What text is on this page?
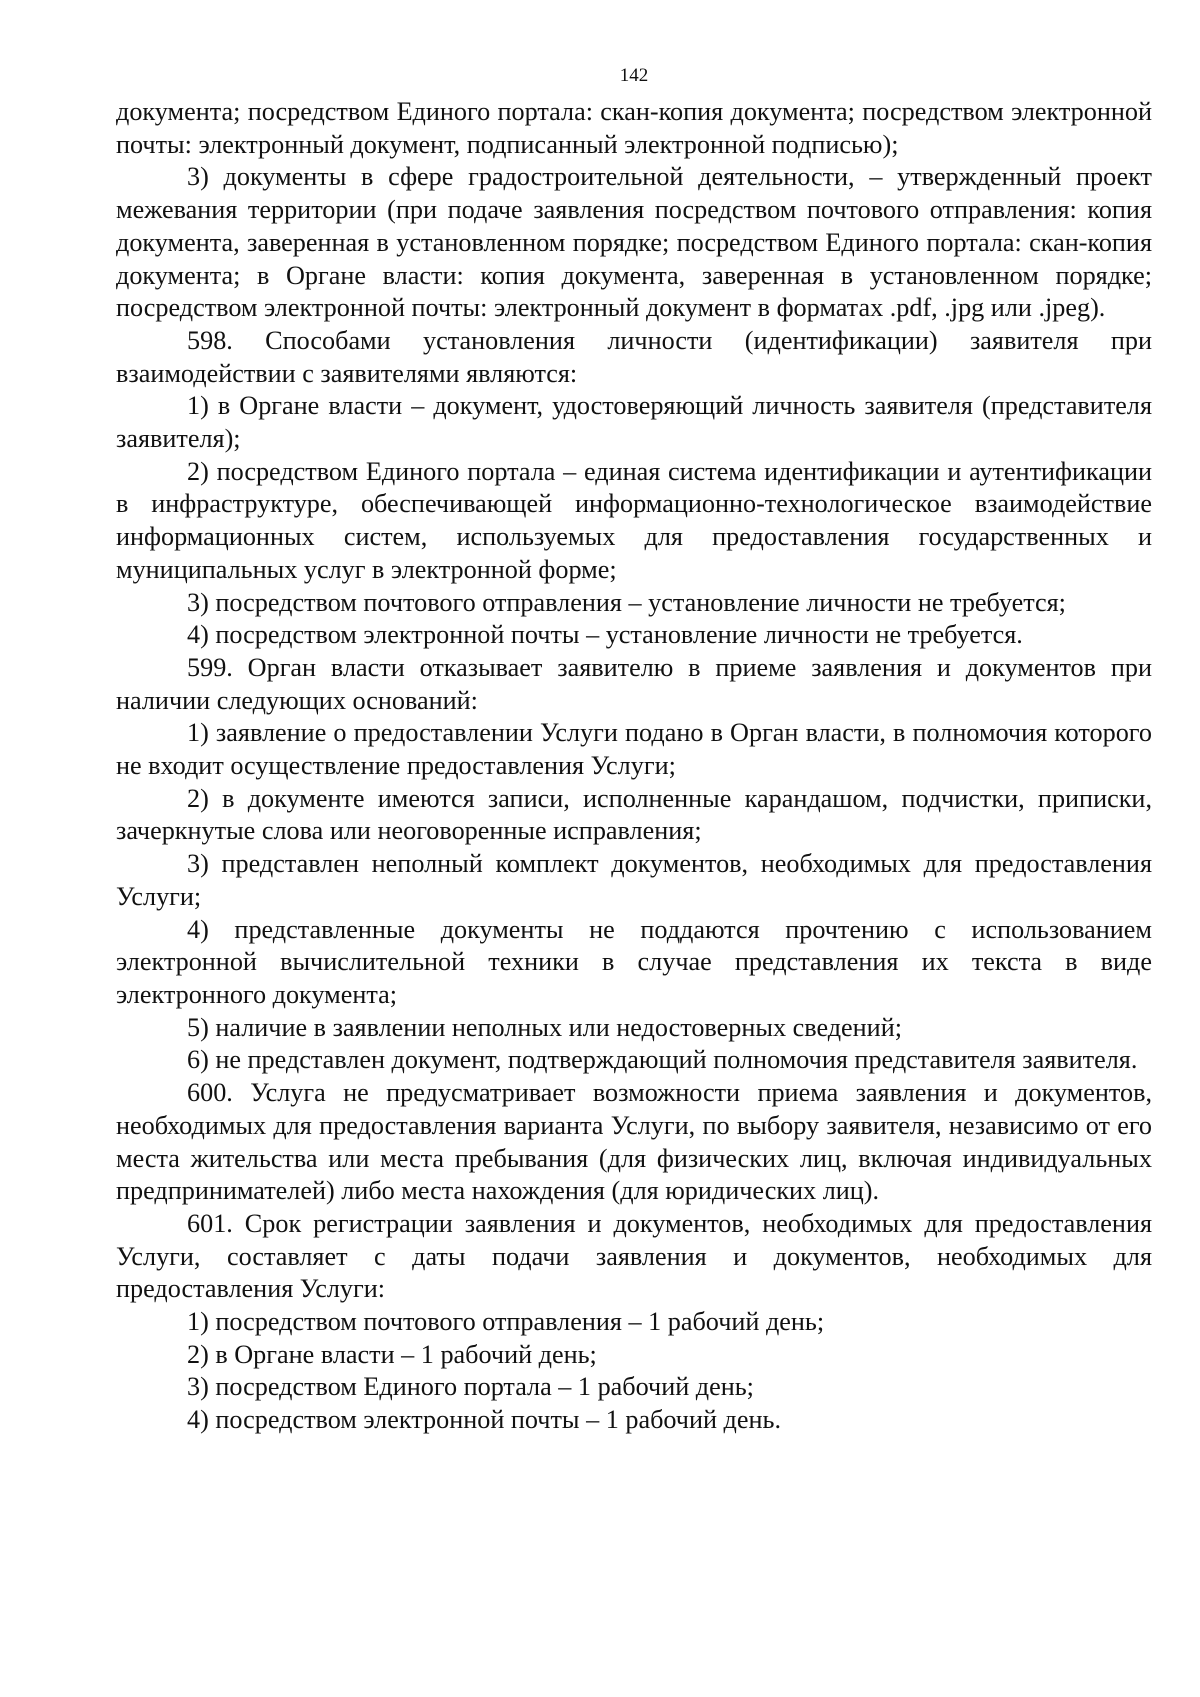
142

документа; посредством Единого портала: скан-копия документа; посредством электронной почты: электронный документ, подписанный электронной подписью);

3) документы в сфере градостроительной деятельности, – утвержденный проект межевания территории (при подаче заявления посредством почтового отправления: копия документа, заверенная в установленном порядке; посредством Единого портала: скан-копия документа; в Органе власти: копия документа, заверенная в установленном порядке; посредством электронной почты: электронный документ в форматах .pdf, .jpg или .jpeg).

598. Способами установления личности (идентификации) заявителя при взаимодействии с заявителями являются:

1) в Органе власти – документ, удостоверяющий личность заявителя (представителя заявителя);

2) посредством Единого портала – единая система идентификации и аутентификации в инфраструктуре, обеспечивающей информационно-технологическое взаимодействие информационных систем, используемых для предоставления государственных и муниципальных услуг в электронной форме;

3) посредством почтового отправления – установление личности не требуется;

4) посредством электронной почты – установление личности не требуется.

599. Орган власти отказывает заявителю в приеме заявления и документов при наличии следующих оснований:

1) заявление о предоставлении Услуги подано в Орган власти, в полномочия которого не входит осуществление предоставления Услуги;

2) в документе имеются записи, исполненные карандашом, подчистки, приписки, зачеркнутые слова или неоговоренные исправления;

3) представлен неполный комплект документов, необходимых для предоставления Услуги;

4) представленные документы не поддаются прочтению с использованием электронной вычислительной техники в случае представления их текста в виде электронного документа;

5) наличие в заявлении неполных или недостоверных сведений;

6) не представлен документ, подтверждающий полномочия представителя заявителя.

600. Услуга не предусматривает возможности приема заявления и документов, необходимых для предоставления варианта Услуги, по выбору заявителя, независимо от его места жительства или места пребывания (для физических лиц, включая индивидуальных предпринимателей) либо места нахождения (для юридических лиц).

601. Срок регистрации заявления и документов, необходимых для предоставления Услуги, составляет с даты подачи заявления и документов, необходимых для предоставления Услуги:

1) посредством почтового отправления – 1 рабочий день;

2) в Органе власти – 1 рабочий день;

3) посредством Единого портала – 1 рабочий день;

4) посредством электронной почты – 1 рабочий день.
